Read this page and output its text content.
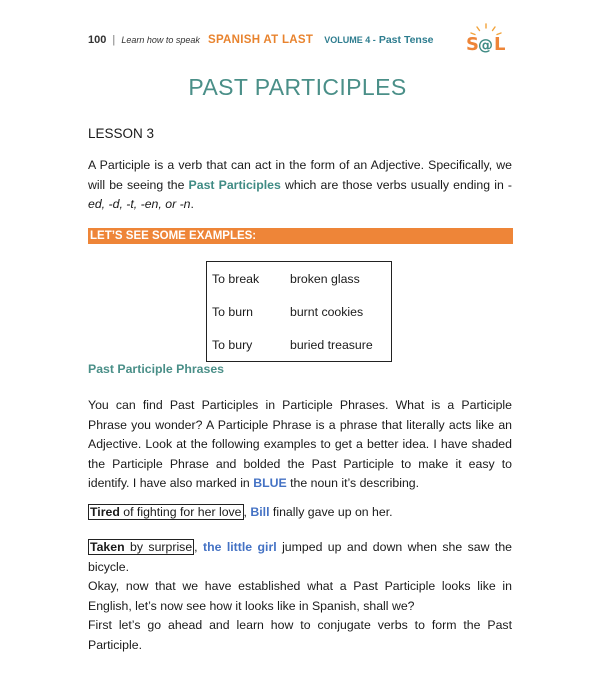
100 | Learn how to speak SPANISH AT LAST VOLUME 4 - Past Tense S @ L
PAST PARTICIPLES
LESSON 3

A Participle is a verb that can act in the form of an Adjective. Specifically, we will be seeing the Past Participles which are those verbs usually ending in - ed, -d, -t, -en, or -n.

LET’S SEE SOME EXAMPLES:
To break	broken glass
To burn	burnt cookies
To bury	buried treasure
Past Participle Phrases

You can find Past Participles in Participle Phrases. What is a Participle Phrase you wonder? A Participle Phrase is a phrase that literally acts like an Adjective. Look at the following examples to get a better idea. I have shaded the Participle Phrase and bolded the Past Participle to make it easy to identify. I have also marked in BLUE the noun it’s describing.

Tired of fighting for her love , Bill finally gave up on her.

Taken by surprise , the little girl jumped up and down when she saw the bicycle.
Okay, now that we have established what a Past Participle looks like in English, let’s now see how it looks like in Spanish, shall we?
First let’s go ahead and learn how to conjugate verbs to form the Past Participle.
